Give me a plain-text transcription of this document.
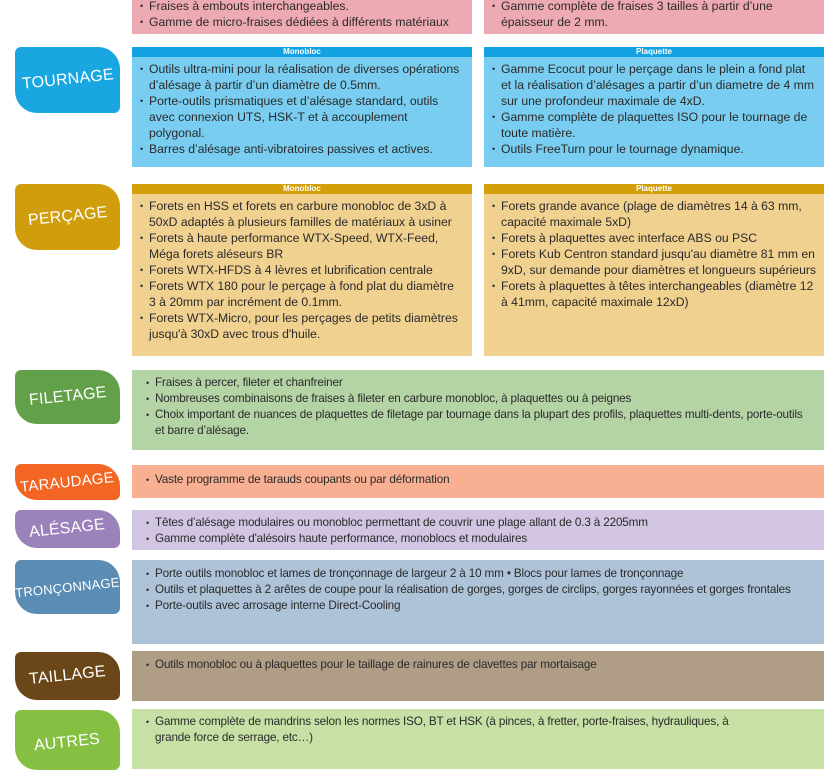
• Fraises à embouts interchangeables.
• Gamme de micro-fraises dédiées à différents matériaux
• Gamme complète de fraises 3 tailles à partir d’une épaisseur de 2 mm.
TOURNAGE
Monobloc
• Outils ultra-mini pour la réalisation de diverses opérations d’alésage à partir d’un diamètre de 0.5mm.
• Porte-outils prismatiques et d’alésage standard, outils avec connexion UTS, HSK-T et à accouplement polygonal.
• Barres d’alésage anti-vibratoires passives et actives.
Plaquette
• Gamme Ecocut pour le perçage dans le plein a fond plat et la réalisation d’alésages a partir d’un diametre de 4 mm sur une profondeur maximale de 4xD.
• Gamme complète de plaquettes ISO pour le tournage de toute matière.
• Outils FreeTurn pour le tournage dynamique.
PERÇAGE
Monobloc
• Forets en HSS et forets en carbure monobloc de 3xD à 50xD adaptés à plusieurs familles de matériaux à usiner
• Forets à haute performance WTX-Speed, WTX-Feed, Méga forets aléseurs BR
• Forets WTX-HFDS à 4 lèvres et lubrification centrale
• Forets WTX 180 pour le perçage à fond plat du diamètre 3 à 20mm par incrément de 0.1mm.
• Forets WTX-Micro, pour les perçages de petits diamètres jusqu'à 30xD avec trous d'huile.
Plaquette
• Forets grande avance (plage de diamètres 14 à 63 mm, capacité maximale 5xD)
• Forets à plaquettes avec interface ABS ou PSC
• Forets Kub Centron standard jusqu'au diamètre 81 mm en 9xD, sur demande pour diamètres et longueurs supérieurs
• Forets à plaquettes à têtes interchangeables (diamètre 12 à 41mm, capacité maximale 12xD)
FILETAGE
• Fraises à percer, fileter et chanfreiner
• Nombreuses combinaisons de fraises à fileter en carbure monobloc, à plaquettes ou à peignes
• Choix important de nuances de plaquettes de filetage par tournage dans la plupart des profils, plaquettes multi-dents, porte-outils et barre d’alésage.
TARAUDAGE	• Vaste programme de tarauds coupants ou par déformation
ALÉSAGE	• Têtes d’alésage modulaires ou monobloc permettant de couvrir une plage allant de 0.3 à 2205mm
• Gamme complète d'alésoirs haute performance, monoblocs et modulaires
TRONÇONNAGE
• Porte outils monobloc et lames de tronçonnage de largeur 2 à 10 mm • Blocs pour lames de tronçonnage
• Outils et plaquettes à 2 arêtes de coupe pour la réalisation de gorges, gorges de circlips, gorges rayonnées et gorges frontales
• Porte-outils avec arrosage interne Direct-Cooling
TAILLAGE	• Outils monobloc ou à plaquettes pour le taillage de rainures de clavettes par mortaisage
AUTRES
• Gamme complète de mandrins selon les normes ISO, BT et HSK (à pinces, à fretter, porte-fraises, hydrauliques, à grande force de serrage, etc…)
